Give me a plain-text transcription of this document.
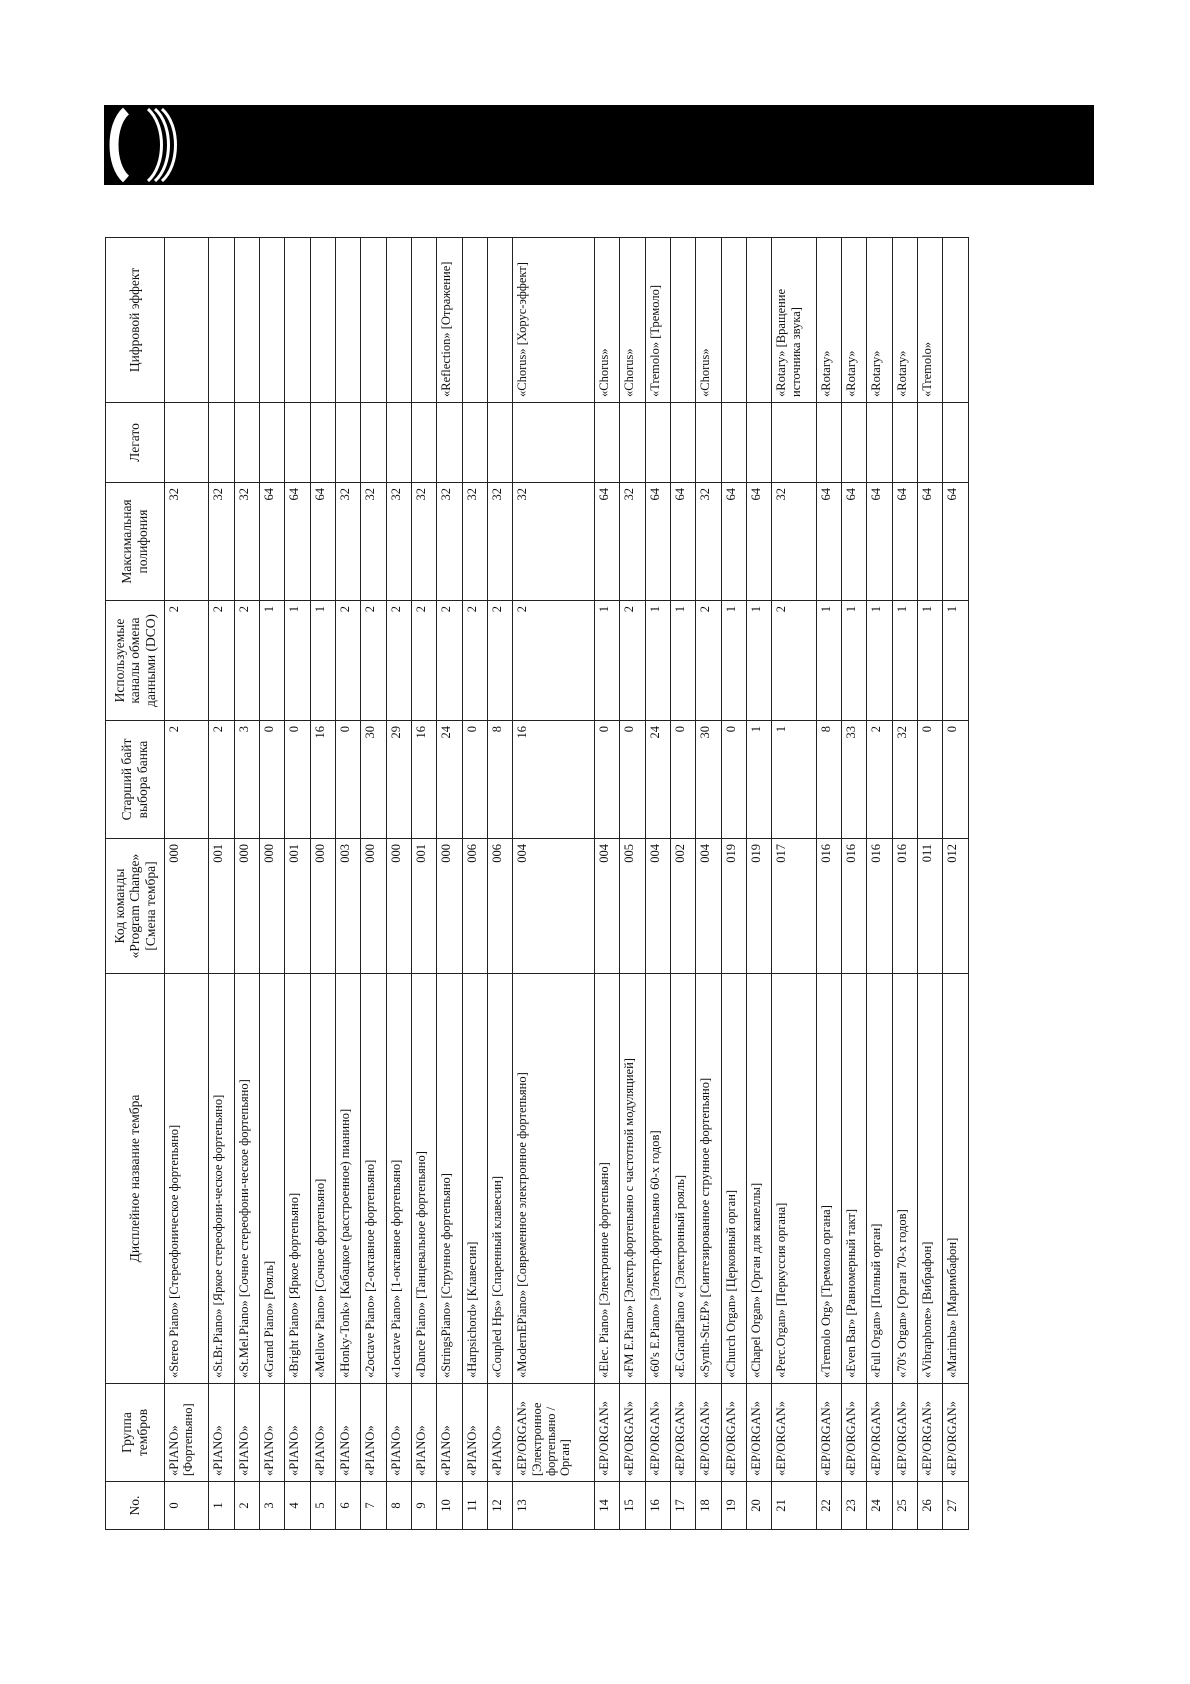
No.	Группа тембров	Дисплейное название тембра	Код команды «Program Change» [Смена тембра]	Старший байт выбора банка	Используемые каналы обмена данными (DCO)	Максимальная полифония	Легато	Цифровой эффект
0	«PIANO» [Фортепьяно]	«Stereo Piano» [Стереофоническое фортепьяно]	000	2	2	32		
1	«PIANO»	«St.Br.Piano» [Яркое стереофони-ческое фортепьяно]	001	2	2	32		
2	«PIANO»	«St.Mel.Piano» [Сочное стереофони-ческое фортепьяно]	000	3	2	32		
3	«PIANO»	«Grand Piano» [Рояль]	000	0	1	64		
4	«PIANO»	«Bright Piano» [Яркое фортепьяно]	001	0	1	64		
5	«PIANO»	«Mellow Piano» [Сочное фортепьяно]	000	16	1	64		
6	«PIANO»	«Honky-Tonk» [Кабацкое (расстроенное) пианино]	003	0	2	32		
7	«PIANO»	«2octave Piano» [2-октавное фортепьяно]	000	30	2	32		
8	«PIANO»	«1octave Piano» [1-октавное фортепьяно]	000	29	2	32		
9	«PIANO»	«Dance Piano» [Танцевальное фортепьяно]	001	16	2	32		
10	«PIANO»	«StringsPiano» [Струнное фортепьяно]	000	24	2	32		«Reflection» [Отражение]
11	«PIANO»	«Harpsichord» [Клавесин]	006	0	2	32		
12	«PIANO»	«Coupled Hps» [Спаренный клавесин]	006	8	2	32		
13	«EP/ORGAN» [Электронное фортепьяно /Орган]	«ModernEPiano» [Современное электронное фортепьяно]	004	16	2	32		«Chorus» [Хорус-эффект]
14	«EP/ORGAN»	«Elec. Piano» [Электронное фортепьяно]	004	0	1	64		«Chorus»
15	«EP/ORGAN»	«FM E.Piano» [Электр.фортепьяно с частотной модуляцией]	005	0	2	32		«Chorus»
16	«EP/ORGAN»	«60's E.Piano» [Электр.фортепьяно 60-х годов]	004	24	1	64		«Tremolo» [Тремоло]
17	«EP/ORGAN»	«E.GrandPiano « [Электронный рояль]	002	0	1	64		
18	«EP/ORGAN»	«Synth-Str.EP» [Синтезированное струнное фортепьяно]	004	30	2	32		«Chorus»
19	«EP/ORGAN»	«Church Organ» [Церковный орган]	019	0	1	64		
20	«EP/ORGAN»	«Chapel Organ» [Орган для капеллы]	019	1	1	64		
21	«EP/ORGAN»	«Perc.Organ» [Перкуссия органа]	017	1	2	32		«Rotary» [Вращение источника звука]
22	«EP/ORGAN»	«Tremolo Org» [Тремоло органа]	016	8	1	64		«Rotary»
23	«EP/ORGAN»	«Even Bar» [Равномерный такт]	016	33	1	64		«Rotary»
24	«EP/ORGAN»	«Full Organ» [Полный орган]	016	2	1	64		«Rotary»
25	«EP/ORGAN»	«70's Organ» [Орган 70-х годов]	016	32	1	64		«Rotary»
26	«EP/ORGAN»	«Vibraphone» [Вибрафон]	011	0	1	64		«Tremolo»
27	«EP/ORGAN»	«Marimba» [Маримбафон]	012	0	1	64		
